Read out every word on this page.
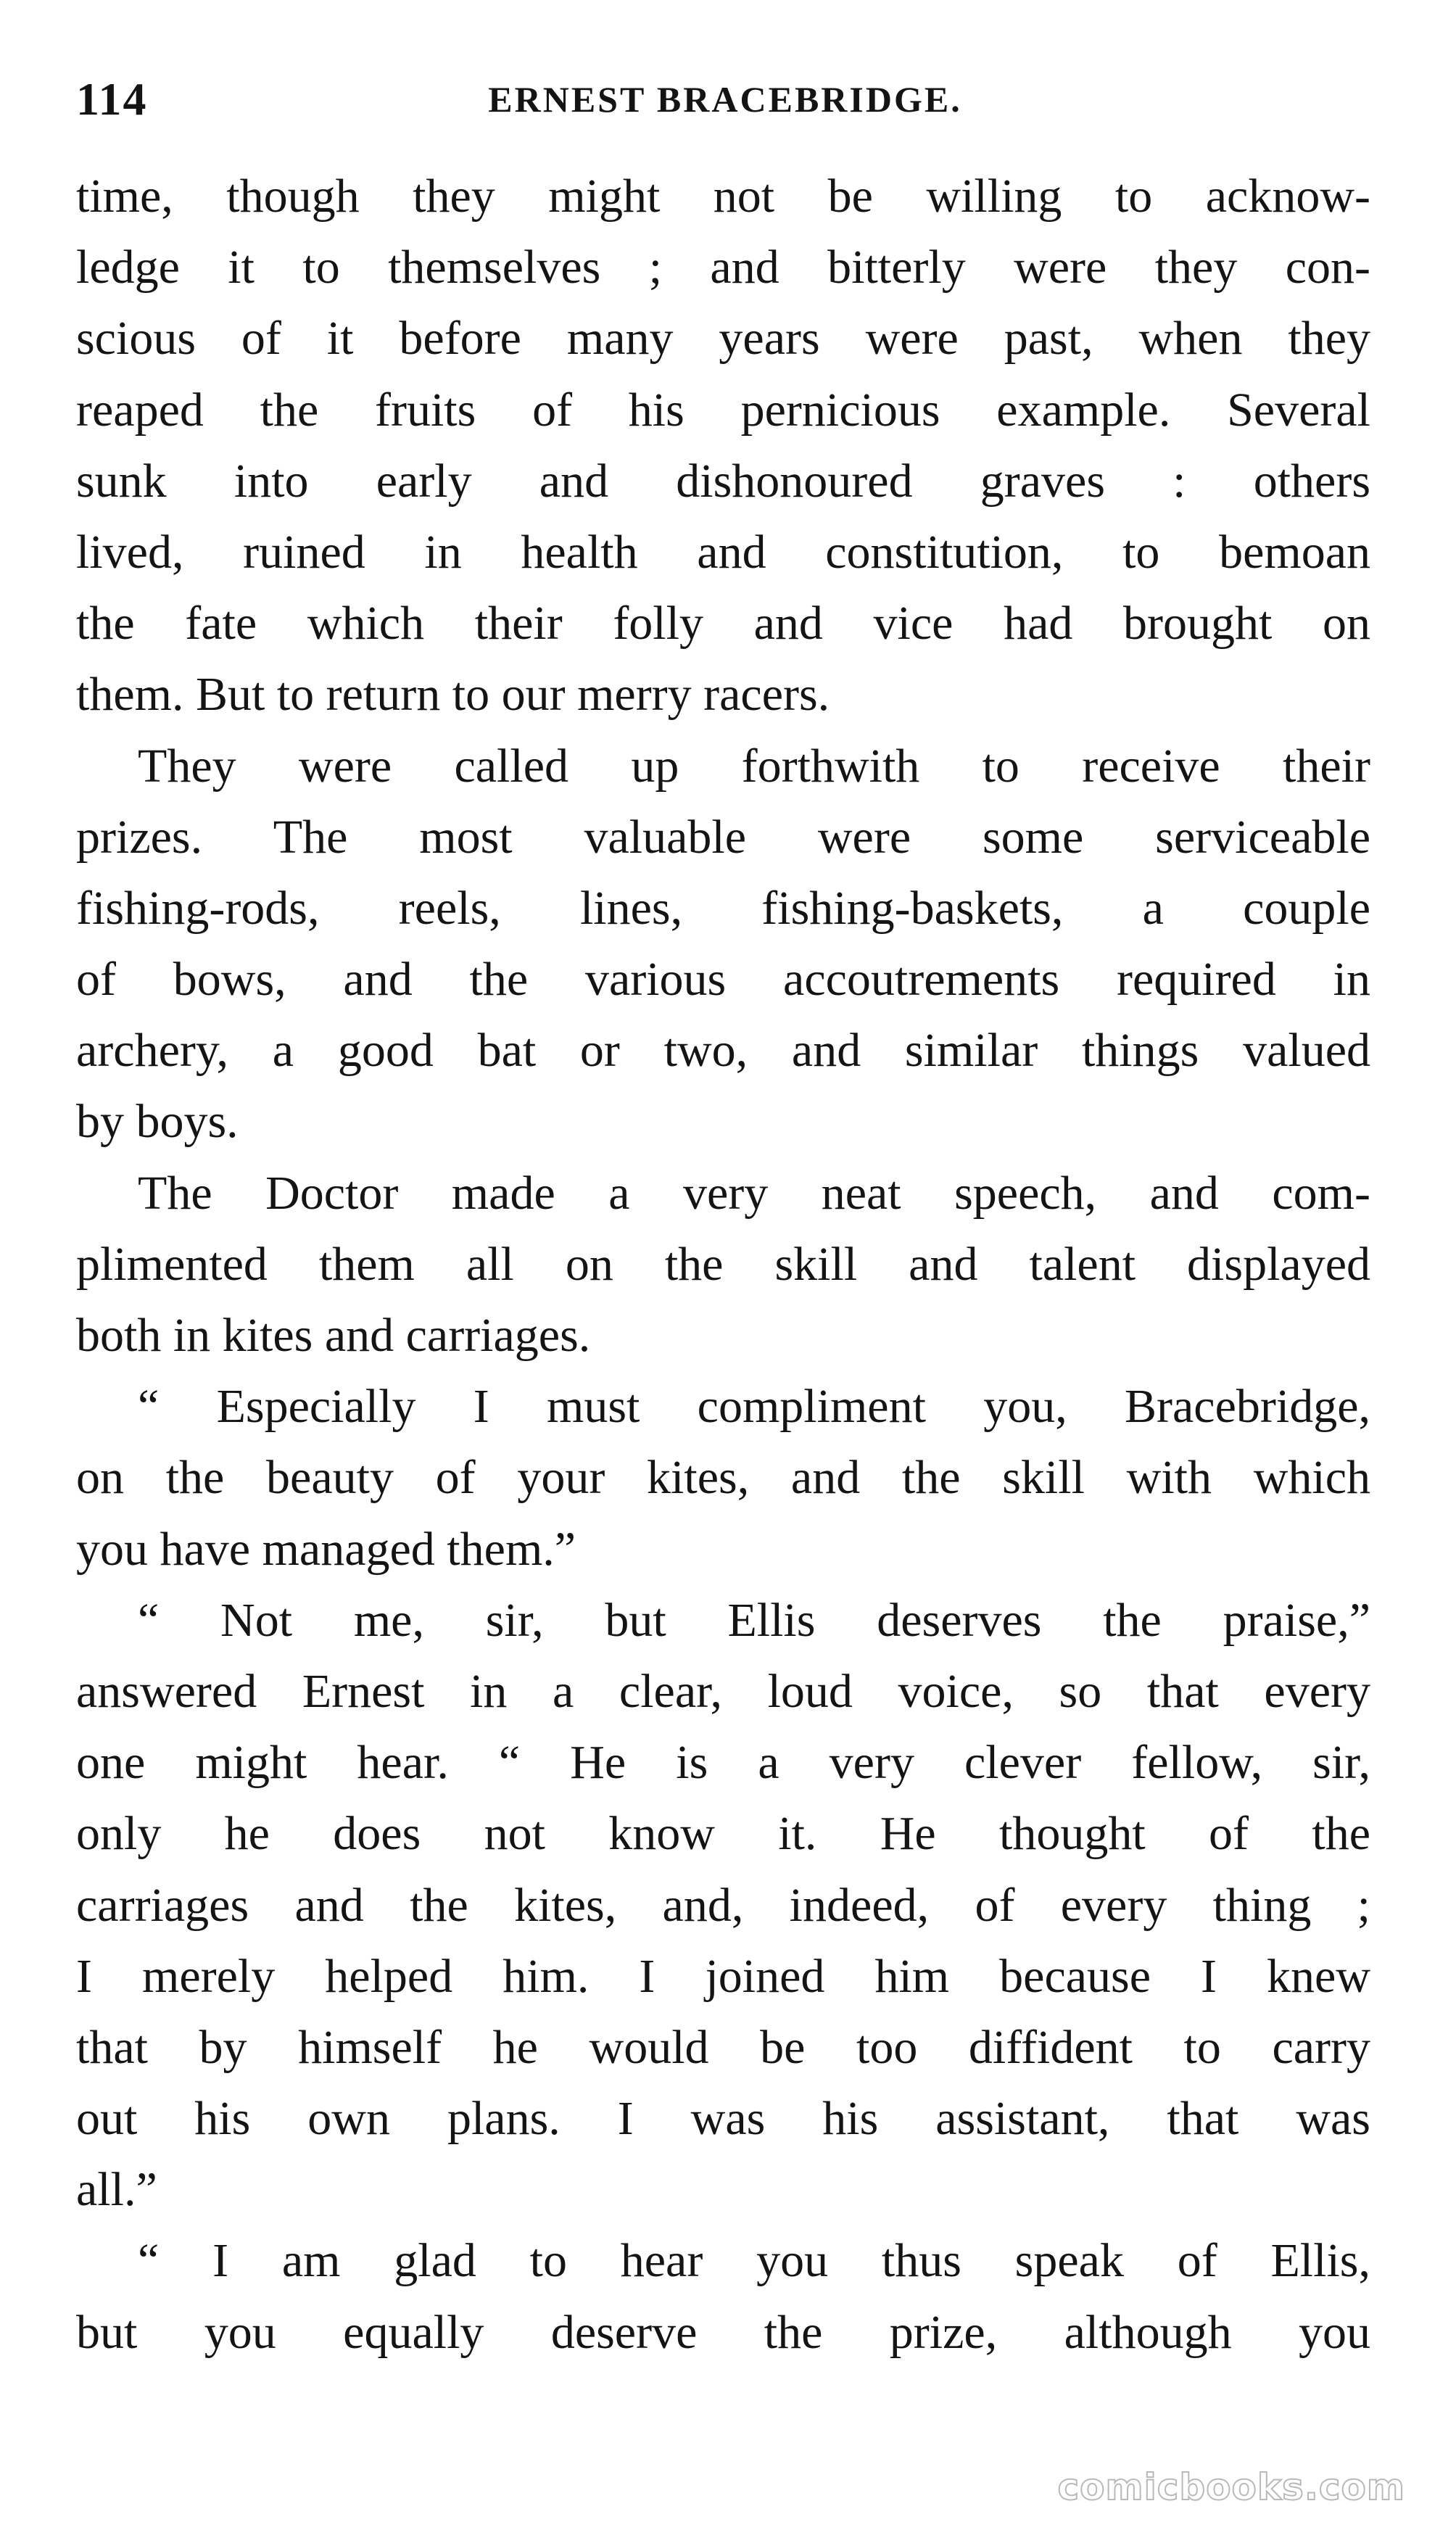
114	ERNEST BRACEBRIDGE.
time, though they might not be willing to acknow-
ledge it to themselves ; and bitterly were they con-
scious of it before many years were past, when they
reaped the fruits of his pernicious example. Several
sunk into early and dishonoured graves : others
lived, ruined in health and constitution, to bemoan
the fate which their folly and vice had brought on
them. But to return to our merry racers.
They were called up forthwith to receive their
prizes. The most valuable were some serviceable
fishing-rods, reels, lines, fishing-baskets, a couple
of bows, and the various accoutrements required in
archery, a good bat or two, and similar things valued
by boys.
The Doctor made a very neat speech, and com-
plimented them all on the skill and talent displayed
both in kites and carriages.
“ Especially I must compliment you, Bracebridge,
on the beauty of your kites, and the skill with which
you have managed them.”
“ Not me, sir, but Ellis deserves the praise,”
answered Ernest in a clear, loud voice, so that every
one might hear. “ He is a very clever fellow, sir,
only he does not know it. He thought of the
carriages and the kites, and, indeed, of every thing ;
I merely helped him. I joined him because I knew
that by himself he would be too diffident to carry
out his own plans. I was his assistant, that was
all.”
“ I am glad to hear you thus speak of Ellis,
but you equally deserve the prize, although you
comicbooks.com
